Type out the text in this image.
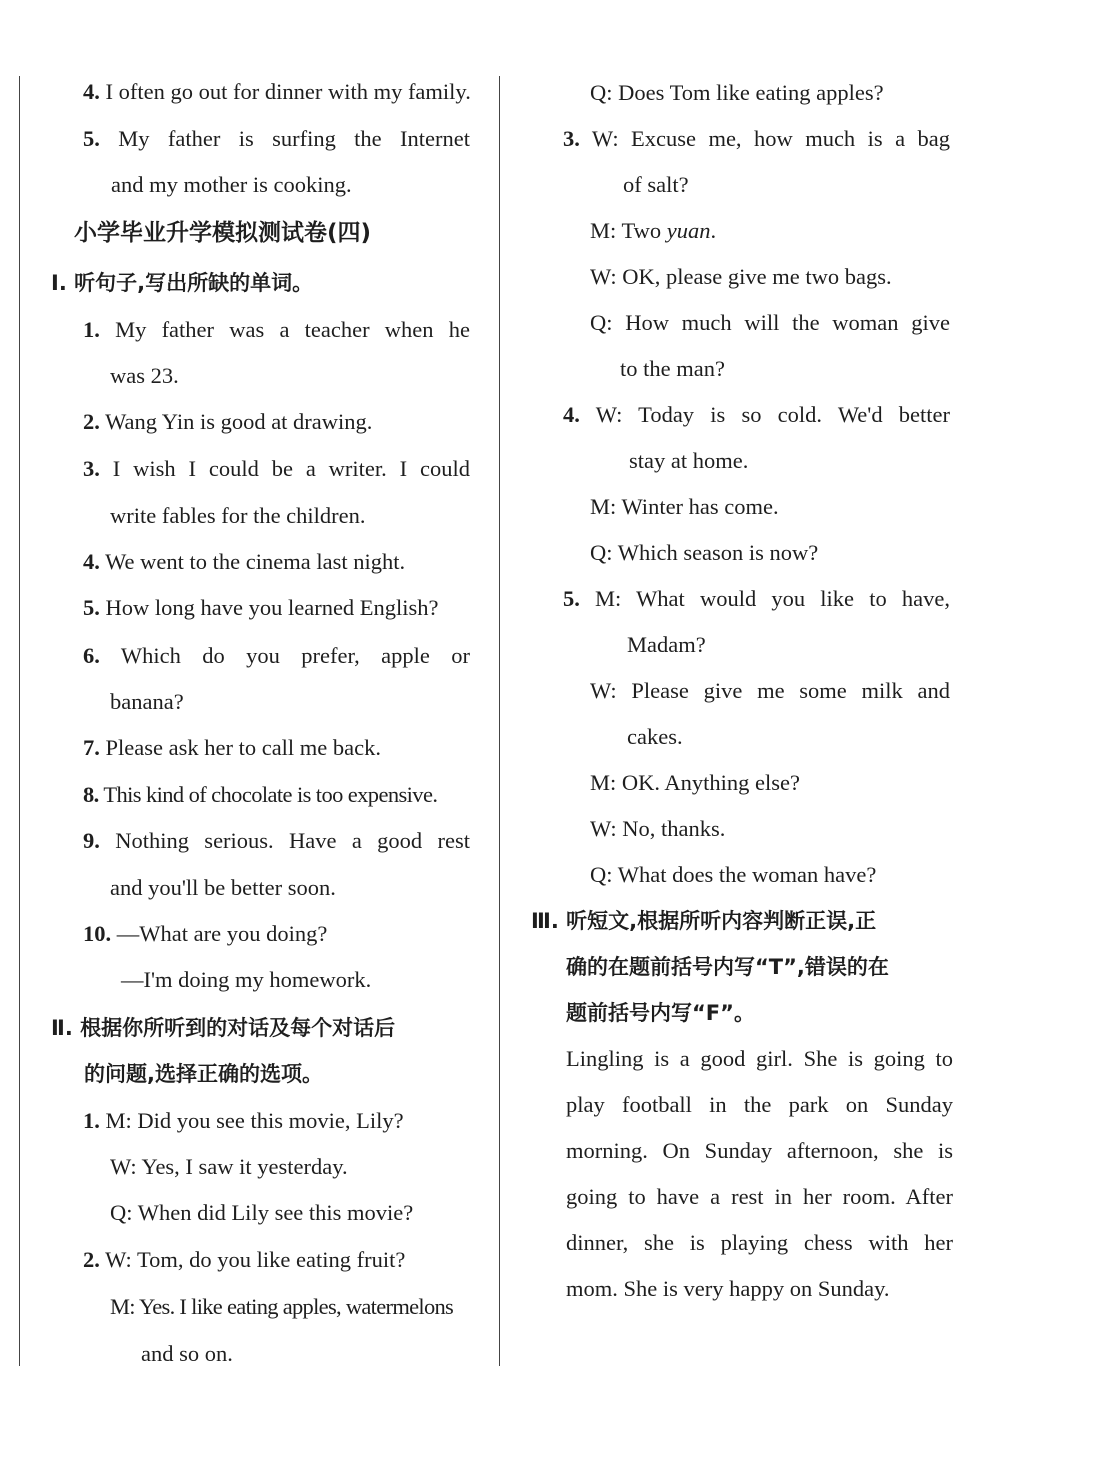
4. I often go out for dinner with my family.
5. My father is surfing the Internet
and my mother is cooking.
小学毕业升学模拟测试卷(四)
Ⅰ. 听句子,写出所缺的单词。
1. My father was a teacher when he
was 23.
2. Wang Yin is good at drawing.
3. I wish I could be a writer. I could
write fables for the children.
4. We went to the cinema last night.
5. How long have you learned English?
6. Which do you prefer, apple or
banana?
7. Please ask her to call me back.
8. This kind of chocolate is too expensive.
9. Nothing serious. Have a good rest
and you'll be better soon.
10. —What are you doing?
—I'm doing my homework.
Ⅱ. 根据你所听到的对话及每个对话后
的问题,选择正确的选项。
1. M: Did you see this movie, Lily?
W: Yes, I saw it yesterday.
Q: When did Lily see this movie?
2. W: Tom, do you like eating fruit?
M: Yes. I like eating apples, watermelons
and so on.
Q: Does Tom like eating apples?
3. W: Excuse me, how much is a bag
of salt?
M: Two yuan.
W: OK, please give me two bags.
Q: How much will the woman give
to the man?
4. W: Today is so cold. We'd better
stay at home.
M: Winter has come.
Q: Which season is now?
5. M: What would you like to have,
Madam?
W: Please give me some milk and
cakes.
M: OK. Anything else?
W: No, thanks.
Q: What does the woman have?
Ⅲ. 听短文,根据所听内容判断正误,正
确的在题前括号内写“T”,错误的在
题前括号内写“F”。
Lingling is a good girl. She is going to
play football in the park on Sunday
morning. On Sunday afternoon, she is
going to have a rest in her room. After
dinner, she is playing chess with her
mom. She is very happy on Sunday.
